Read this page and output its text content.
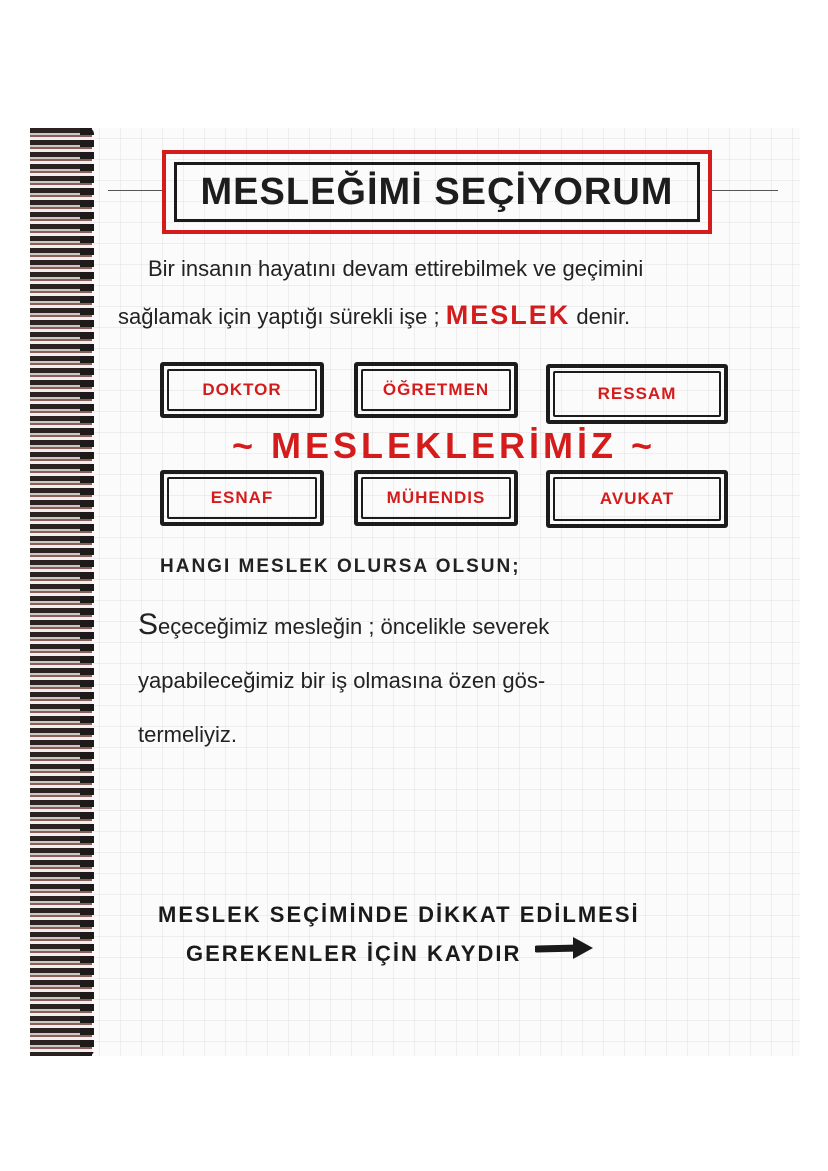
MESLEĞİMİ SEÇİYORUM
Bir insanın hayatını devam ettirebilmek ve geçimini
sağlamak için yaptığı sürekli işe ; MESLEK denir.
DOKTOR	ÖĞRETMEN	RESSAM
~ MESLEKLERİMİZ ~
ESNAF	MÜHENDIS	AVUKAT
HANGI MESLEK OLURSA OLSUN;
Seçeceğimiz mesleğin ; öncelikle severek
yapabileceğimiz bir iş olmasına özen gös-
termeliyiz.
MESLEK SEÇİMİNDE DİKKAT EDİLMESİ
GEREKENLER İÇİN KAYDIR
